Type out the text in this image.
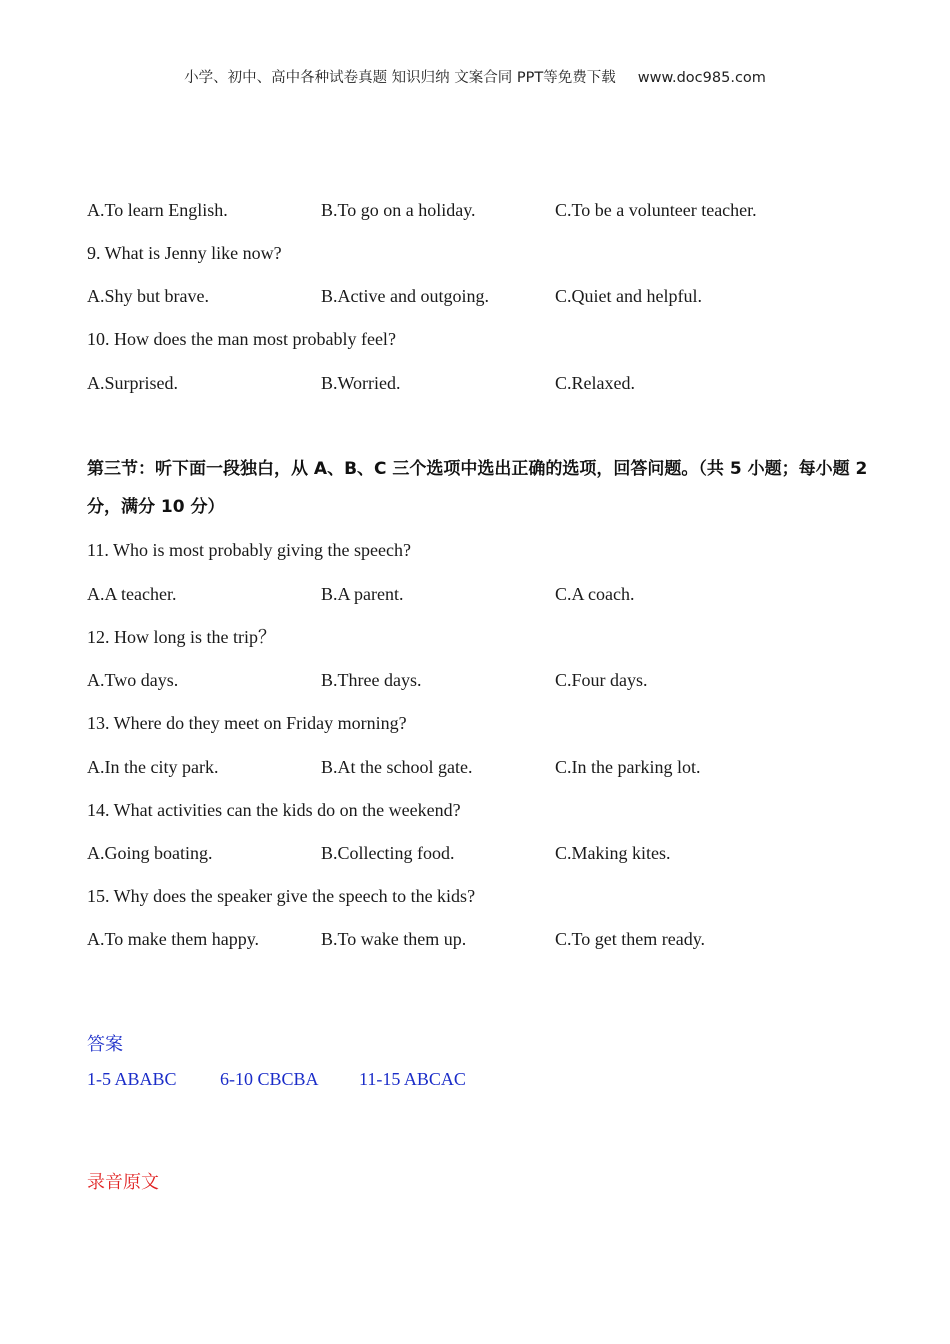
小学、初中、高中各种试卷真题 知识归纳 文案合同 PPT等免费下载 www.doc985.com
A.To learn English.	B.To go on a holiday.	C.To be a volunteer teacher.
9. What is Jenny like now?
A.Shy but brave.	B.Active and outgoing.	C.Quiet and helpful.
10. How does the man most probably feel?
A.Surprised.	B.Worried.	C.Relaxed.
第三节：听下面一段独白，从 A、B、C 三个选项中选出正确的选项，回答问题。（共 5 小题；每小题 2 分，满分 10 分）
11. Who is most probably giving the speech?
A.A teacher.	B.A parent.	C.A coach.
12. How long is the trip？
A.Two days.	B.Three days.	C.Four days.
13. Where do they meet on Friday morning?
A.In the city park.	B.At the school gate.	C.In the parking lot.
14. What activities can the kids do on the weekend?
A.Going boating.	B.Collecting food.	C.Making kites.
15. Why does the speaker give the speech to the kids?
A.To make them happy.	B.To wake them up.	C.To get them ready.
答案
1-5 ABABC 6-10 CBCBA 11-15 ABCAC
录音原文
